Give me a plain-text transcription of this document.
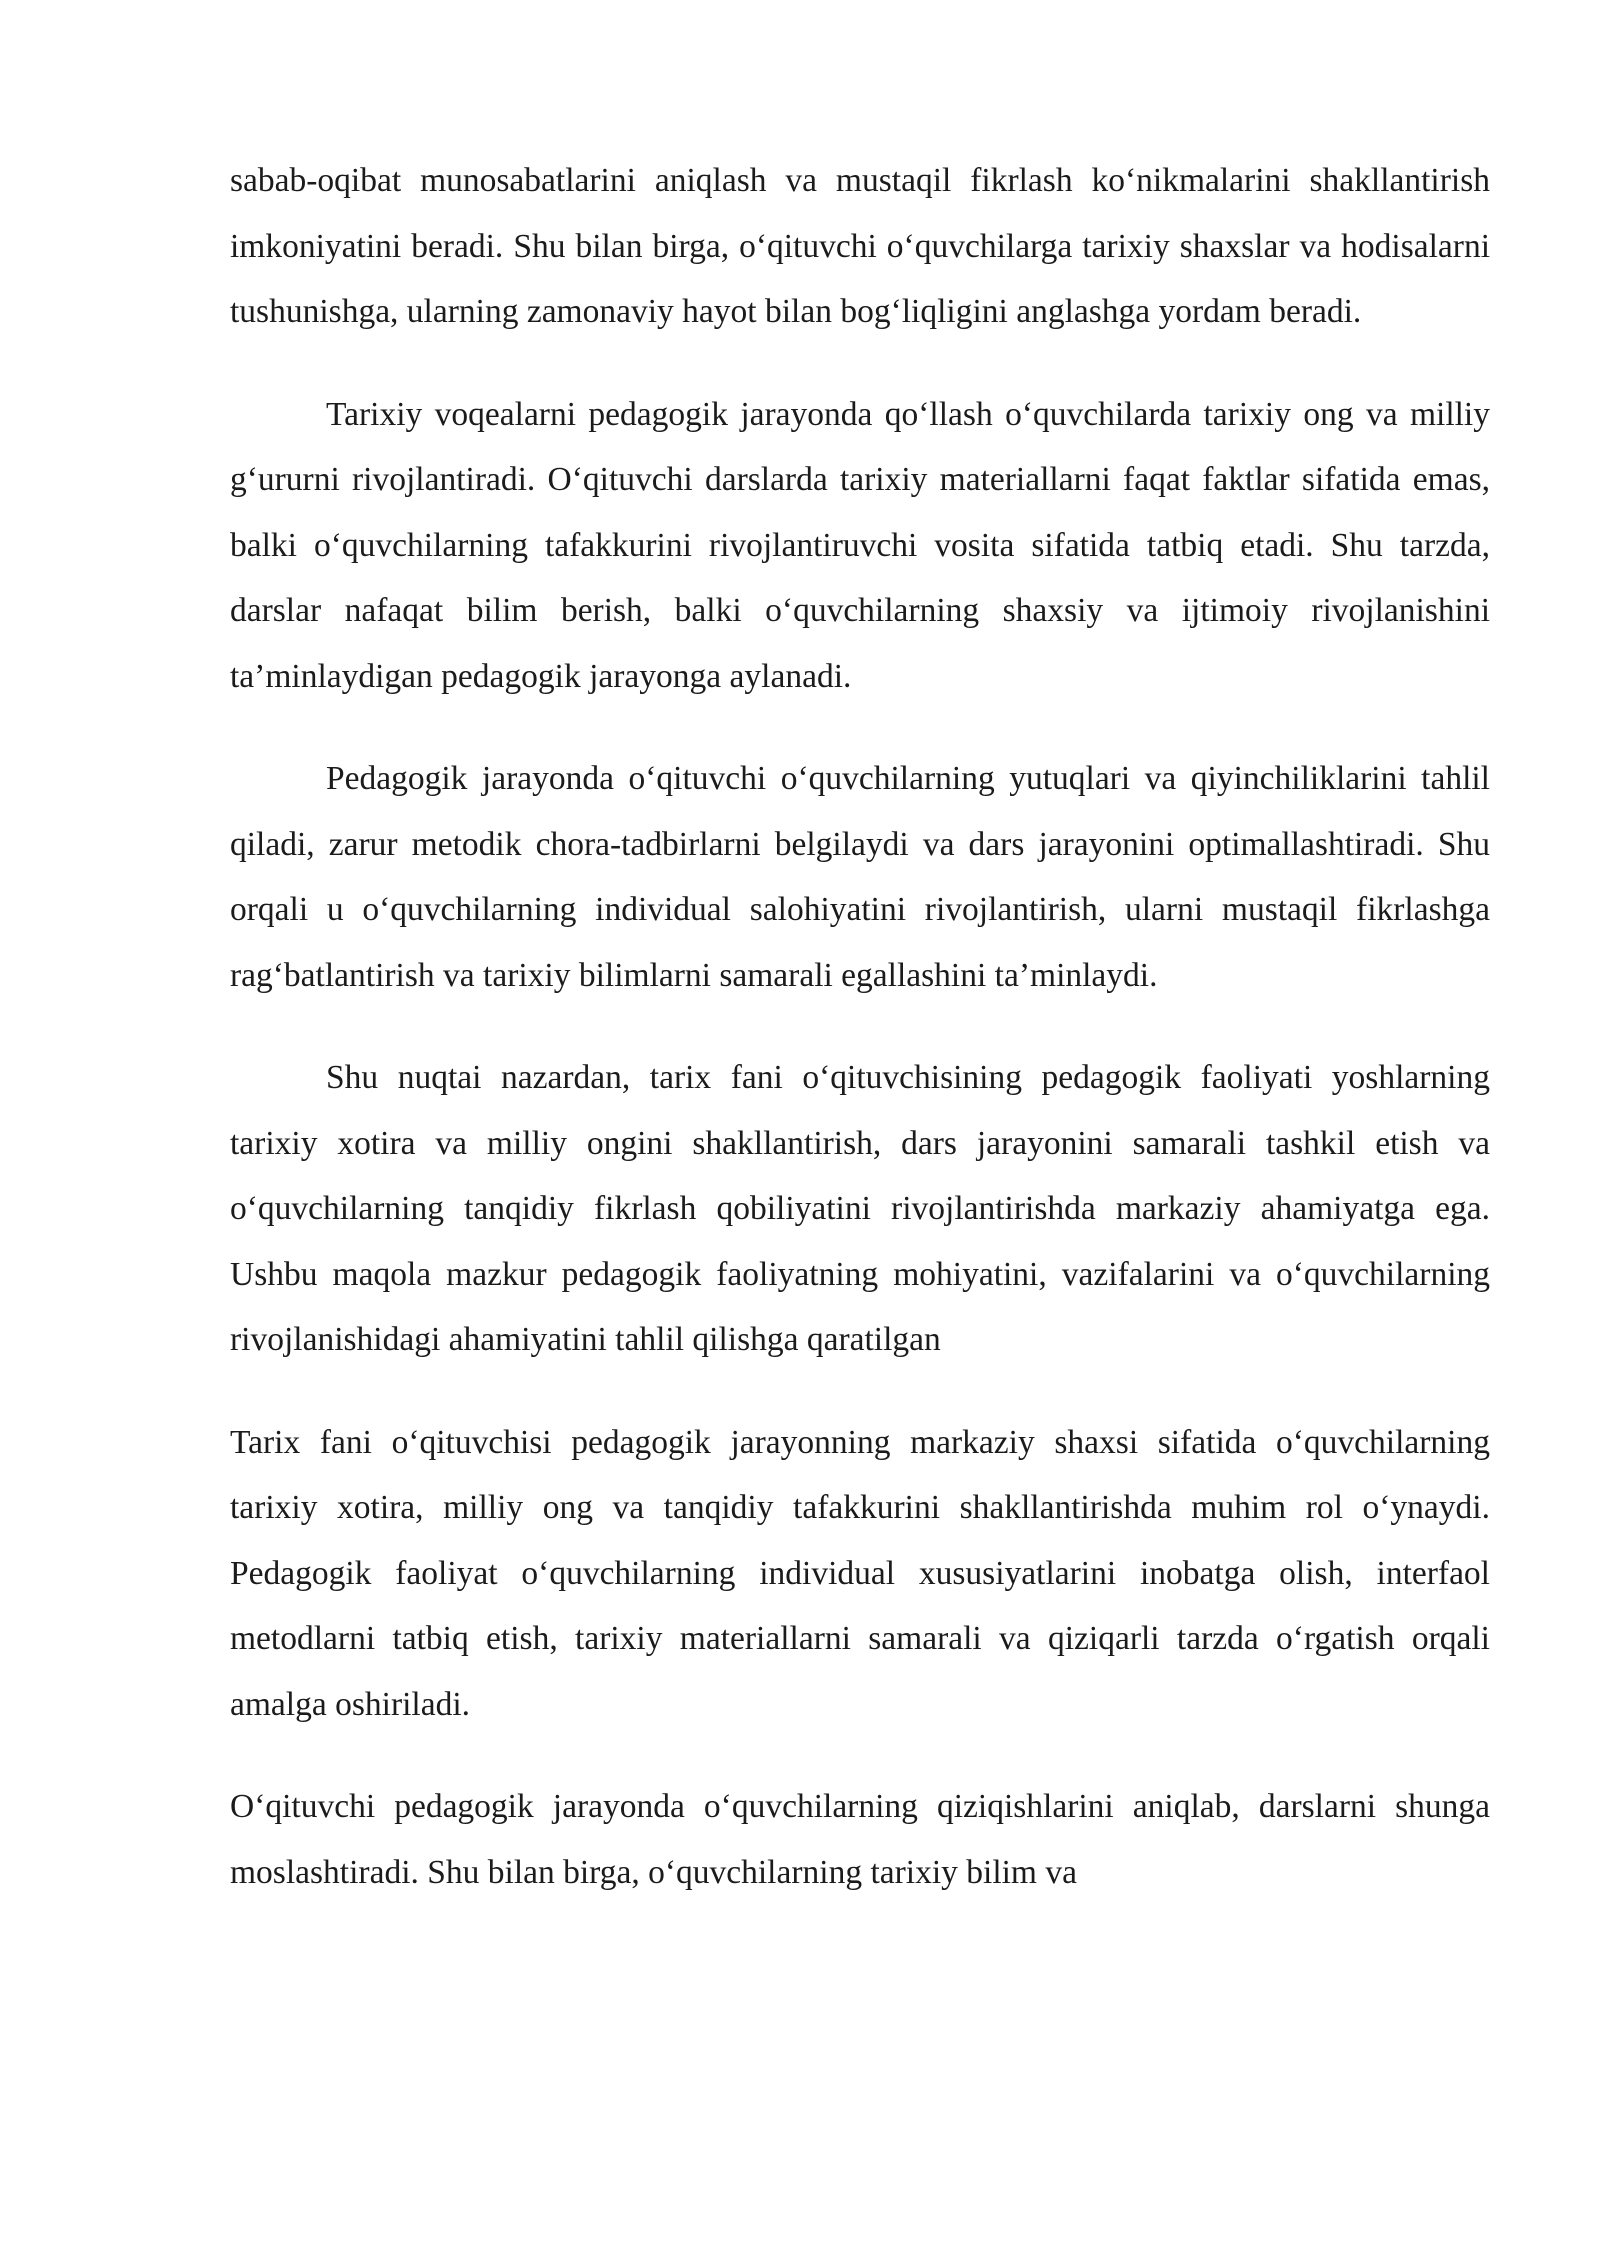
sabab-oqibat munosabatlarini aniqlash va mustaqil fikrlash ko‘nikmalarini shakllantirish imkoniyatini beradi. Shu bilan birga, o‘qituvchi o‘quvchilarga tarixiy shaxslar va hodisalarni tushunishga, ularning zamonaviy hayot bilan bog‘liqligini anglashga yordam beradi.

Tarixiy voqealarni pedagogik jarayonda qo‘llash o‘quvchilarda tarixiy ong va milliy g‘ururni rivojlantiradi. O‘qituvchi darslarda tarixiy materiallarni faqat faktlar sifatida emas, balki o‘quvchilarning tafakkurini rivojlantiruvchi vosita sifatida tatbiq etadi. Shu tarzda, darslar nafaqat bilim berish, balki o‘quvchilarning shaxsiy va ijtimoiy rivojlanishini ta’minlaydigan pedagogik jarayonga aylanadi.

Pedagogik jarayonda o‘qituvchi o‘quvchilarning yutuqlari va qiyinchiliklarini tahlil qiladi, zarur metodik chora-tadbirlarni belgilaydi va dars jarayonini optimallashtiradi. Shu orqali u o‘quvchilarning individual salohiyatini rivojlantirish, ularni mustaqil fikrlashga rag‘batlantirish va tarixiy bilimlarni samarali egallashini ta’minlaydi.

Shu nuqtai nazardan, tarix fani o‘qituvchisining pedagogik faoliyati yoshlarning tarixiy xotira va milliy ongini shakllantirish, dars jarayonini samarali tashkil etish va o‘quvchilarning tanqidiy fikrlash qobiliyatini rivojlantirishda markaziy ahamiyatga ega. Ushbu maqola mazkur pedagogik faoliyatning mohiyatini, vazifalarini va o‘quvchilarning rivojlanishidagi ahamiyatini tahlil qilishga qaratilgan

Tarix fani o‘qituvchisi pedagogik jarayonning markaziy shaxsi sifatida o‘quvchilarning tarixiy xotira, milliy ong va tanqidiy tafakkurini shakllantirishda muhim rol o‘ynaydi. Pedagogik faoliyat o‘quvchilarning individual xususiyatlarini inobatga olish, interfaol metodlarni tatbiq etish, tarixiy materiallarni samarali va qiziqarli tarzda o‘rgatish orqali amalga oshiriladi.

O‘qituvchi pedagogik jarayonda o‘quvchilarning qiziqishlarini aniqlab, darslarni shunga moslashtiradi. Shu bilan birga, o‘quvchilarning tarixiy bilim va
